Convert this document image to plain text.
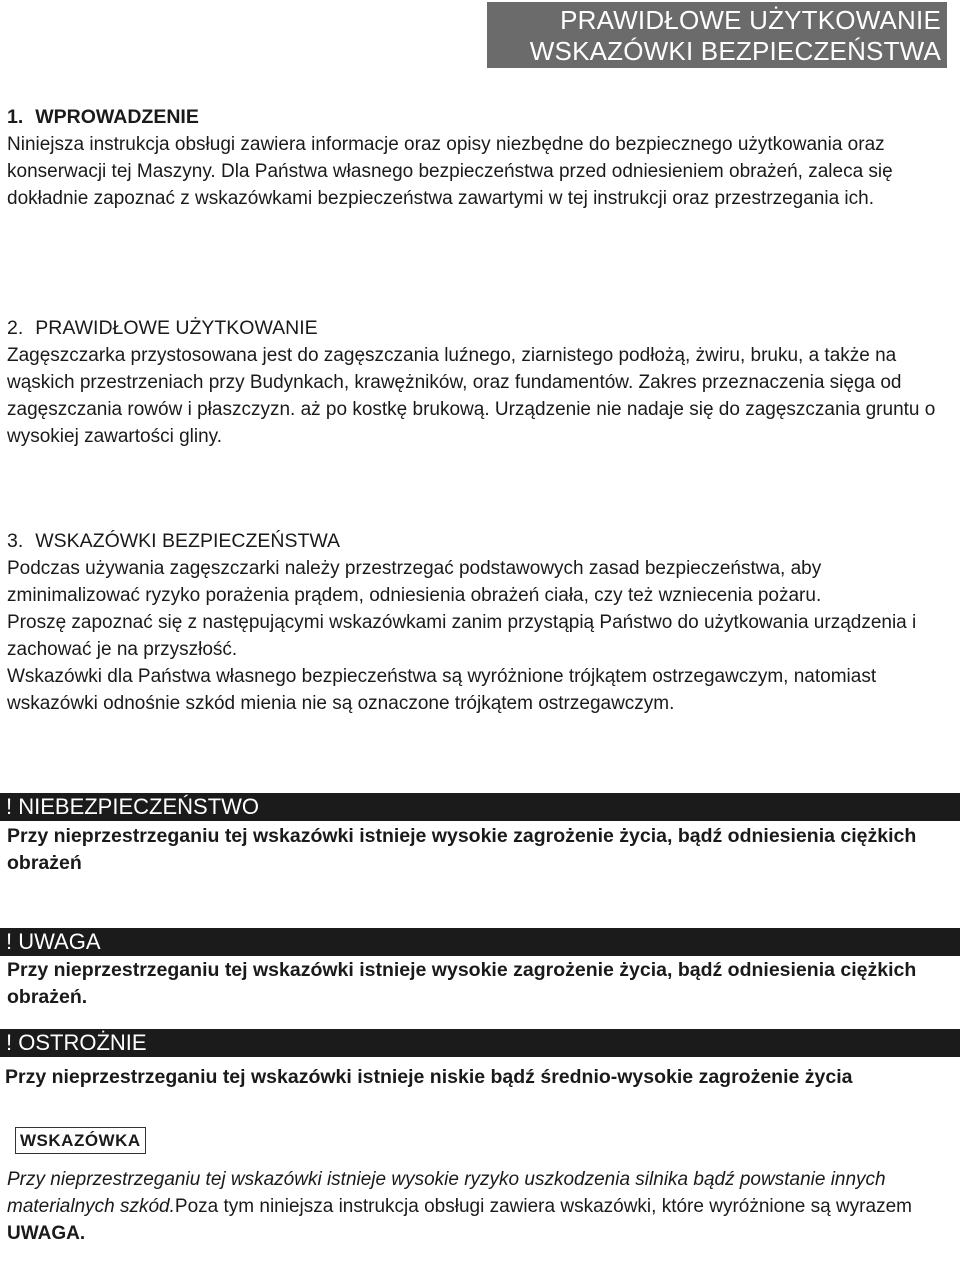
PRAWIDŁOWE UŻYTKOWANIE
WSKAZÓWKI BEZPIECZEŃSTWA
1. WPROWADZENIE

Niniejsza instrukcja obsługi zawiera informacje oraz opisy niezbędne do bezpiecznego użytkowania oraz konserwacji tej Maszyny. Dla Państwa własnego bezpieczeństwa przed odniesieniem obrażeń, zaleca się dokładnie zapoznać z wskazówkami bezpieczeństwa zawartymi w tej instrukcji oraz przestrzegania ich.

2. PRAWIDŁOWE UŻYTKOWANIE

Zagęszczarka przystosowana jest do zagęszczania luźnego, ziarnistego podłożą, żwiru, bruku, a także na wąskich przestrzeniach przy Budynkach, krawężników, oraz fundamentów. Zakres przeznaczenia sięga od zagęszczania rowów i płaszczyzn. aż po kostkę brukową. Urządzenie nie nadaje się do zagęszczania gruntu o wysokiej zawartości gliny.

3. WSKAZÓWKI BEZPIECZEŃSTWA

Podczas używania zagęszczarki należy przestrzegać podstawowych zasad bezpieczeństwa, aby zminimalizować ryzyko porażenia prądem, odniesienia obrażeń ciała, czy też wzniecenia pożaru.

Proszę zapoznać się z następującymi wskazówkami zanim przystąpią Państwo do użytkowania urządzenia i zachować je na przyszłość.

Wskazówki dla Państwa własnego bezpieczeństwa są wyróżnione trójkątem ostrzegawczym, natomiast wskazówki odnośnie szkód mienia nie są oznaczone trójkątem ostrzegawczym.

! NIEBEZPIECZEŃSTWO
Przy nieprzestrzeganiu tej wskazówki istnieje wysokie zagrożenie życia, bądź odniesienia ciężkich obrażeń
! UWAGA
Przy nieprzestrzeganiu tej wskazówki istnieje wysokie zagrożenie życia, bądź odniesienia ciężkich obrażeń.
! OSTROŻNIE
Przy nieprzestrzeganiu tej wskazówki istnieje niskie bądź średnio-wysokie zagrożenie życia
WSKAZÓWKA
Przy nieprzestrzeganiu tej wskazówki istnieje wysokie ryzyko uszkodzenia silnika bądź powstanie innych materialnych szkód.Poza tym niniejsza instrukcja obsługi zawiera wskazówki, które wyróżnione są wyrazem
UWAGA.
